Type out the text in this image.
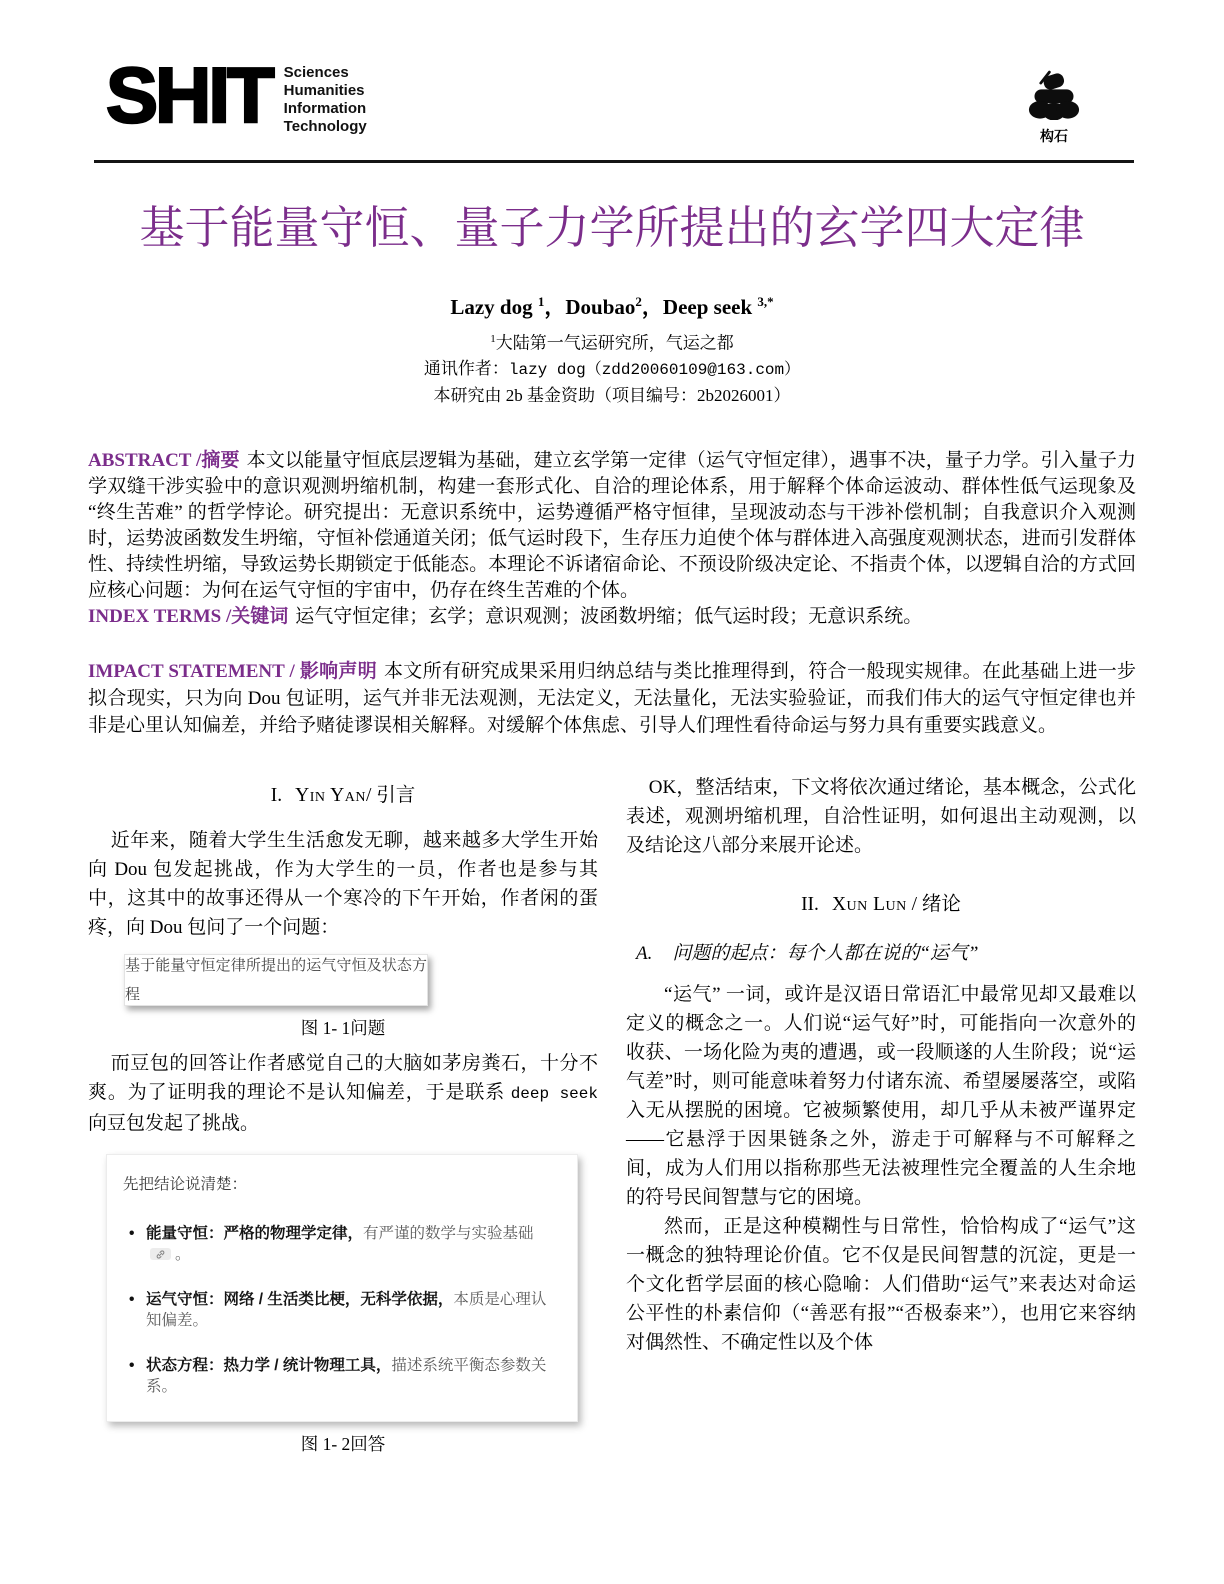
SHIT Sciences
Humanities
Information
Technology
构石
基于能量守恒、量子力学所提出的玄学四大定律
Lazy dog $^1$，Doubao$^2$，Deep seek $^{3,*}$
$^1$大陆第一气运研究所，气运之都
通讯作者：lazy dog（zdd20060109@163.com）
本研究由 2b 基金资助（项目编号：2b2026001）

ABSTRACT /摘要 本文以能量守恒底层逻辑为基础，建立玄学第一定律（运气守恒定律），遇事不决，量子力学。引入量子力学双缝干涉实验中的意识观测坍缩机制，构建一套形式化、自洽的理论体系，用于解释个体命运波动、群体性低气运现象及 “终生苦难” 的哲学悖论。研究提出：无意识系统中，运势遵循严格守恒律，呈现波动态与干涉补偿机制；自我意识介入观测时，运势波函数发生坍缩，守恒补偿通道关闭；低气运时段下，生存压力迫使个体与群体进入高强度观测状态，进而引发群体性、持续性坍缩，导致运势长期锁定于低能态。本理论不诉诸宿命论、不预设阶级决定论、不指责个体，以逻辑自洽的方式回应核心问题：为何在运气守恒的宇宙中，仍存在终生苦难的个体。

INDEX TERMS /关键词 运气守恒定律；玄学；意识观测；波函数坍缩；低气运时段；无意识系统。

IMPACT STATEMENT / 影响声明 本文所有研究成果采用归纳总结与类比推理得到，符合一般现实规律。在此基础上进一步拟合现实，只为向 Dou 包证明，运气并非无法观测，无法定义，无法量化，无法实验验证，而我们伟大的运气守恒定律也并非是心里认知偏差，并给予赌徒谬误相关解释。对缓解个体焦虑、引导人们理性看待命运与努力具有重要实践意义。

I. Yin Yan/ 引言

近年来，随着大学生生活愈发无聊，越来越多大学生开始向 Dou 包发起挑战，作为大学生的一员，作者也是参与其中，这其中的故事还得从一个寒冷的下午开始，作者闲的蛋疼，向 Dou 包问了一个问题：

基于能量守恒定律所提出的运气守恒及状态方程
图 1- 1问题

而豆包的回答让作者感觉自己的大脑如茅房粪石，十分不爽。为了证明我的理论不是认知偏差，于是联系 deep seek 向豆包发起了挑战。

先把结论说清楚：
• 能量守恒：严格的物理学定律，有严谨的数学与实验基础。
• 运气守恒：网络 / 生活类比梗，无科学依据，本质是心理认知偏差。
• 状态方程：热力学 / 统计物理工具，描述系统平衡态参数关系。
图 1- 2回答

OK，整活结束，下文将依次通过绪论，基本概念，公式化表述，观测坍缩机理，自洽性证明，如何退出主动观测，以及结论这八部分来展开论述。

II. Xun Lun / 绪论
A. 问题的起点：每个人都在说的“运气”

“运气” 一词，或许是汉语日常语汇中最常见却又最难以定义的概念之一。人们说“运气好”时，可能指向一次意外的收获、一场化险为夷的遭遇，或一段顺遂的人生阶段；说“运气差”时，则可能意味着努力付诸东流、希望屡屡落空，或陷入无从摆脱的困境。它被频繁使用，却几乎从未被严谨界定——它悬浮于因果链条之外，游走于可解释与不可解释之间，成为人们用以指称那些无法被理性完全覆盖的人生余地的符号民间智慧与它的困境。

然而，正是这种模糊性与日常性，恰恰构成了“运气”这一概念的独特理论价值。它不仅是民间智慧的沉淀，更是一个文化哲学层面的核心隐喻：人们借助“运气”来表达对命运公平性的朴素信仰（“善恶有报”“否极泰来”），也用它来容纳对偶然性、不确定性以及个体
